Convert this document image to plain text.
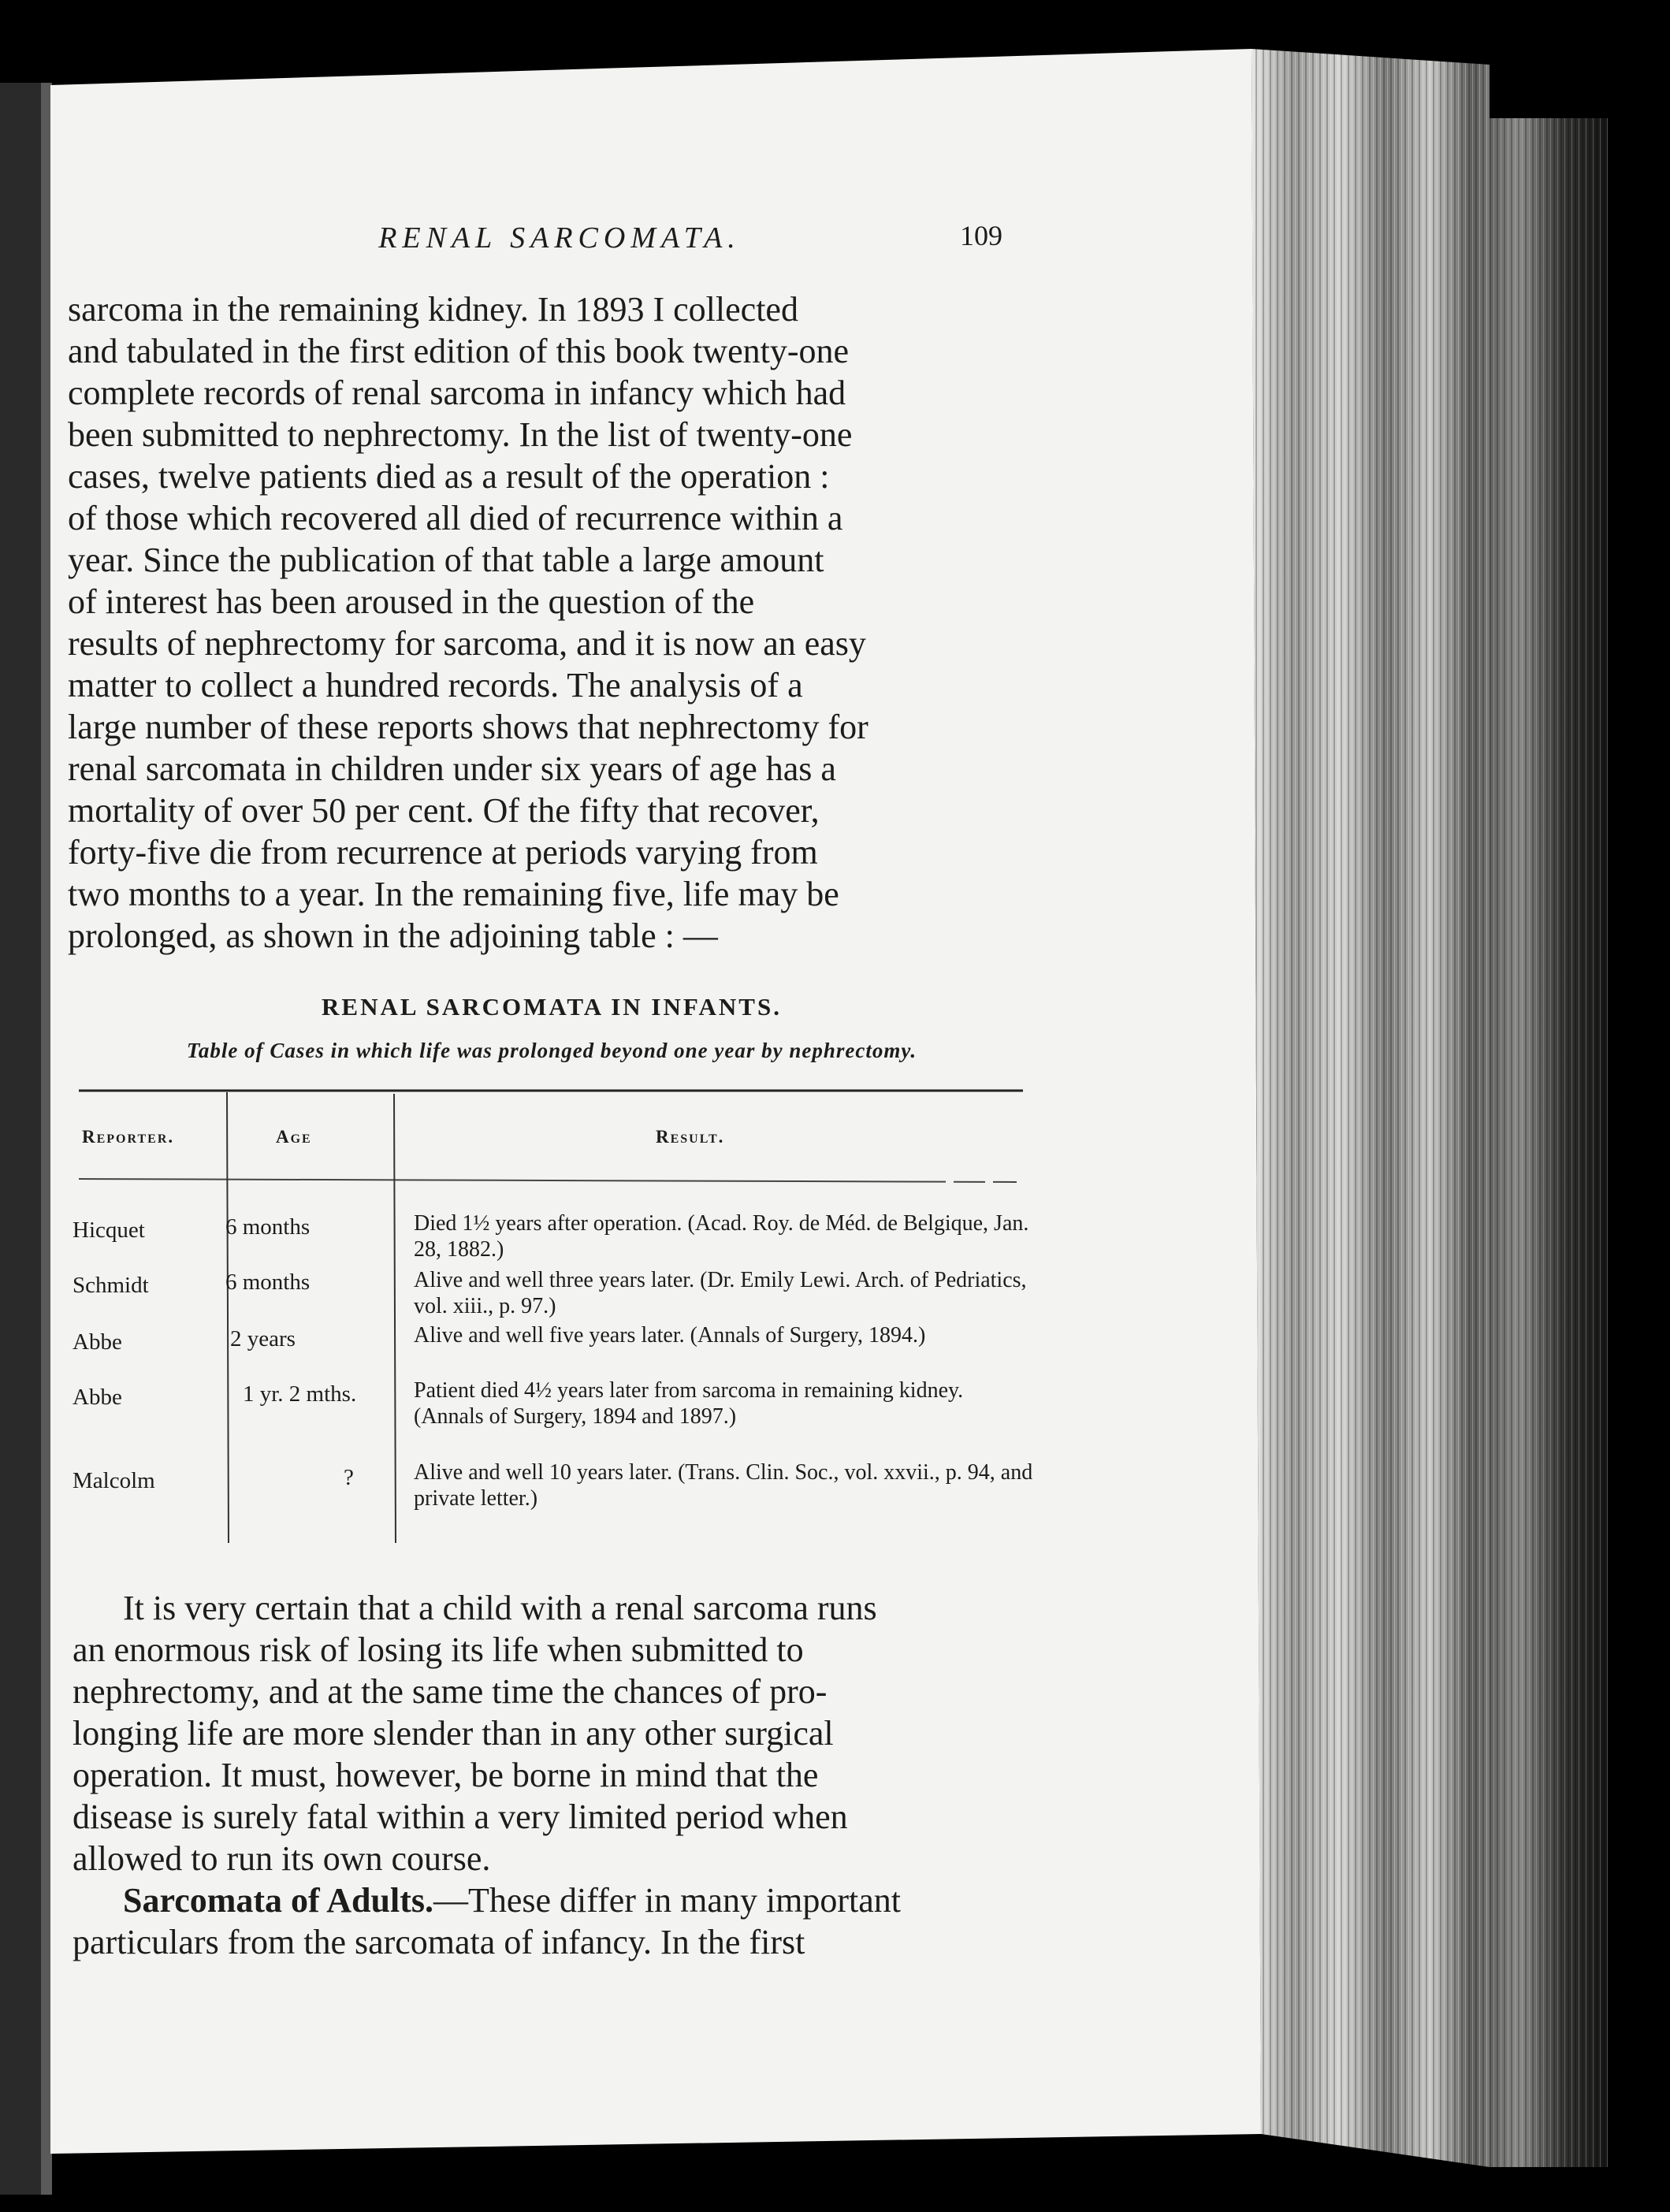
RENAL SARCOMATA.	109
sarcoma in the remaining kidney. In 1893 I collected
and tabulated in the first edition of this book twenty-one
complete records of renal sarcoma in infancy which had
been submitted to nephrectomy. In the list of twenty-one
cases, twelve patients died as a result of the operation :
of those which recovered all died of recurrence within a
year. Since the publication of that table a large amount
of interest has been aroused in the question of the
results of nephrectomy for sarcoma, and it is now an easy
matter to collect a hundred records. The analysis of a
large number of these reports shows that nephrectomy for
renal sarcomata in children under six years of age has a
mortality of over 50 per cent. Of the fifty that recover,
forty-five die from recurrence at periods varying from
two months to a year. In the remaining five, life may be
prolonged, as shown in the adjoining table : —
RENAL SARCOMATA IN INFANTS.
Table of Cases in which life was prolonged beyond one year by nephrectomy.
Reporter.	Age	Result.
Hicquet	6 months	Died 1½ years after operation. (Acad. Roy. de Méd. de Belgique, Jan. 28, 1882.)
Schmidt	6 months	Alive and well three years later. (Dr. Emily Lewi. Arch. of Pedriatics, vol. xiii., p. 97.)
Abbe	2 years	Alive and well five years later. (Annals of Surgery, 1894.)
Abbe	1 yr. 2 mths.	Patient died 4½ years later from sarcoma in remaining kidney. (Annals of Surgery, 1894 and 1897.)
Malcolm	?	Alive and well 10 years later. (Trans. Clin. Soc., vol. xxvii., p. 94, and private letter.)
It is very certain that a child with a renal sarcoma runs
an enormous risk of losing its life when submitted to
nephrectomy, and at the same time the chances of pro-
longing life are more slender than in any other surgical
operation. It must, however, be borne in mind that the
disease is surely fatal within a very limited period when
allowed to run its own course.
Sarcomata of Adults.—These differ in many important
particulars from the sarcomata of infancy. In the first
